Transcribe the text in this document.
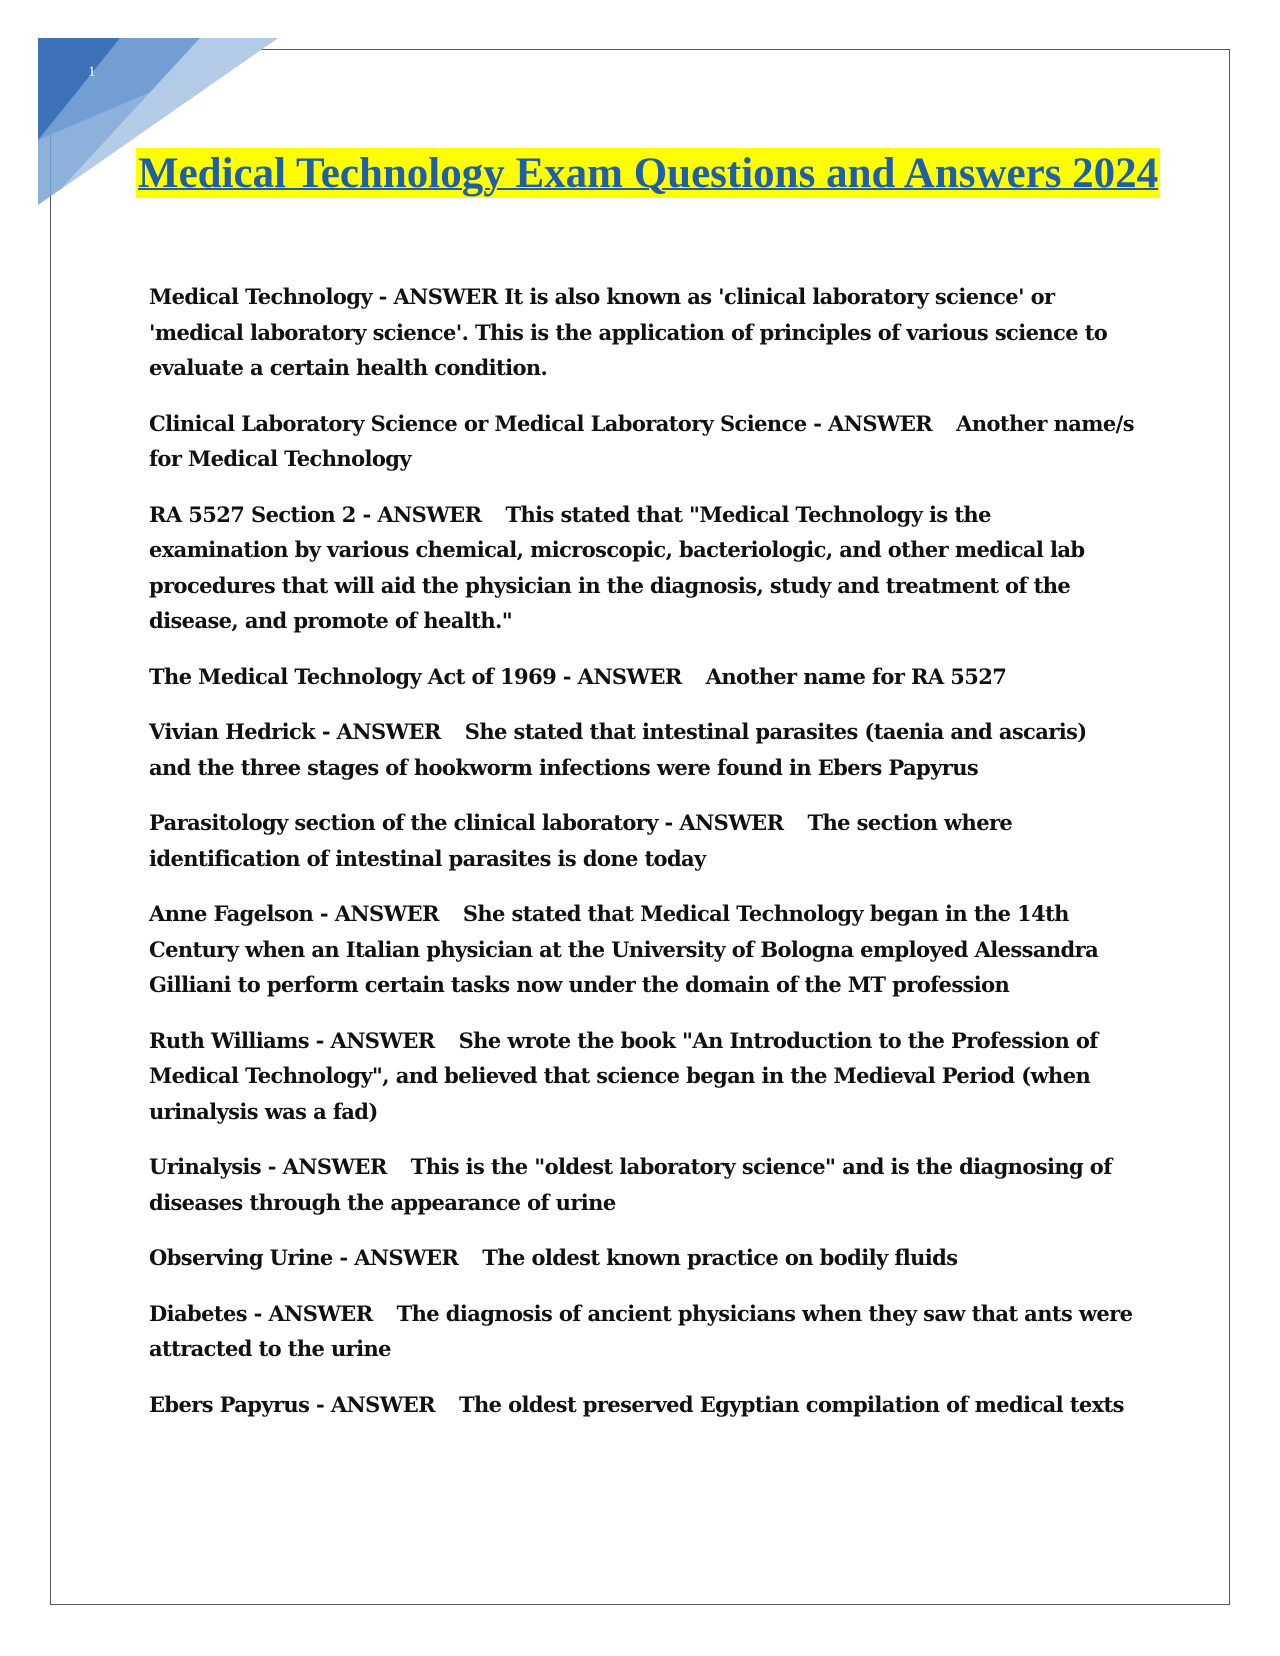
1
Medical Technology Exam Questions and Answers 2024
Medical Technology - ANSWER It is also known as 'clinical laboratory science' or 'medical laboratory science'. This is the application of principles of various science to evaluate a certain health condition.
Clinical Laboratory Science or Medical Laboratory Science - ANSWER Another name/s for Medical Technology
RA 5527 Section 2 - ANSWER This stated that "Medical Technology is the examination by various chemical, microscopic, bacteriologic, and other medical lab procedures that will aid the physician in the diagnosis, study and treatment of the disease, and promote of health."
The Medical Technology Act of 1969 - ANSWER Another name for RA 5527
Vivian Hedrick - ANSWER She stated that intestinal parasites (taenia and ascaris) and the three stages of hookworm infections were found in Ebers Papyrus
Parasitology section of the clinical laboratory - ANSWER The section where identification of intestinal parasites is done today
Anne Fagelson - ANSWER She stated that Medical Technology began in the 14th Century when an Italian physician at the University of Bologna employed Alessandra Gilliani to perform certain tasks now under the domain of the MT profession
Ruth Williams - ANSWER She wrote the book "An Introduction to the Profession of Medical Technology", and believed that science began in the Medieval Period (when urinalysis was a fad)
Urinalysis - ANSWER This is the "oldest laboratory science" and is the diagnosing of diseases through the appearance of urine
Observing Urine - ANSWER The oldest known practice on bodily fluids
Diabetes - ANSWER The diagnosis of ancient physicians when they saw that ants were attracted to the urine
Ebers Papyrus - ANSWER The oldest preserved Egyptian compilation of medical texts
